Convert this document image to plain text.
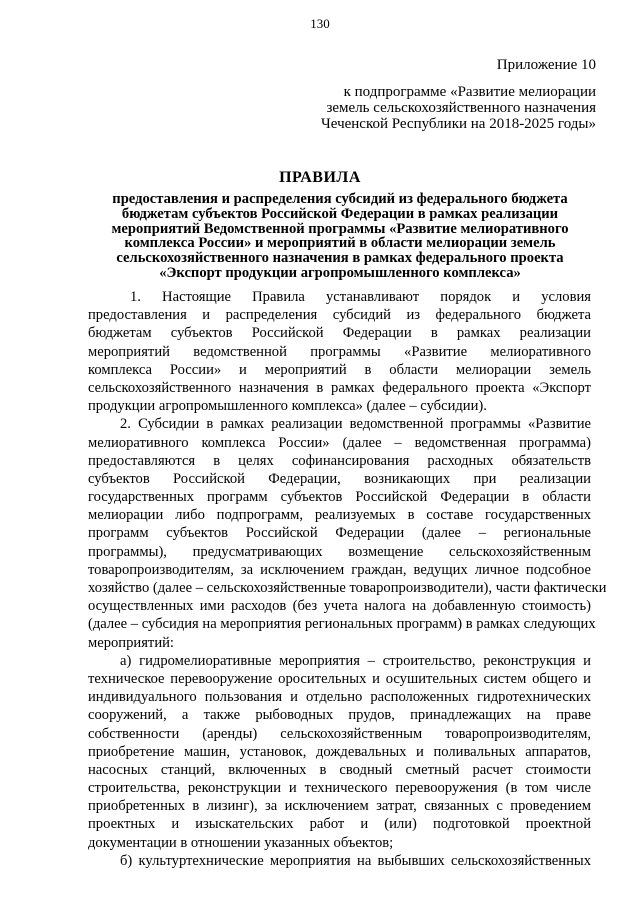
130
Приложение 10
к подпрограмме «Развитие мелиорации
земель сельскохозяйственного назначения
Чеченской Республики на 2018-2025 годы»
ПРАВИЛА
предоставления и распределения субсидий из федерального бюджета
бюджетам субъектов Российской Федерации в рамках реализации
мероприятий Ведомственной программы «Развитие мелиоративного
комплекса России» и мероприятий в области мелиорации земель
сельскохозяйственного назначения в рамках федерального проекта
«Экспорт продукции агропромышленного комплекса»
1. Настоящие Правила устанавливают порядок и условия
предоставления и распределения субсидий из федерального бюджета
бюджетам субъектов Российской Федерации в рамках реализации
мероприятий ведомственной программы «Развитие мелиоративного
комплекса России» и мероприятий в области мелиорации земель
сельскохозяйственного назначения в рамках федерального проекта «Экспорт
продукции агропромышленного комплекса» (далее – субсидии).
2. Субсидии в рамках реализации ведомственной программы «Развитие
мелиоративного комплекса России» (далее – ведомственная программа)
предоставляются в целях софинансирования расходных обязательств
субъектов Российской Федерации, возникающих при реализации
государственных программ субъектов Российской Федерации в области
мелиорации либо подпрограмм, реализуемых в составе государственных
программ субъектов Российской Федерации (далее – региональные
программы), предусматривающих возмещение сельскохозяйственным
товаропроизводителям, за исключением граждан, ведущих личное подсобное
хозяйство (далее – сельскохозяйственные товаропроизводители), части фактически
осуществленных ими расходов (без учета налога на добавленную стоимость)
(далее – субсидия на мероприятия региональных программ) в рамках следующих
мероприятий:
а) гидромелиоративные мероприятия – строительство, реконструкция и
техническое перевооружение оросительных и осушительных систем общего и
индивидуального пользования и отдельно расположенных гидротехнических
сооружений, а также рыбоводных прудов, принадлежащих на праве
собственности (аренды) сельскохозяйственным товаропроизводителям,
приобретение машин, установок, дождевальных и поливальных аппаратов,
насосных станций, включенных в сводный сметный расчет стоимости
строительства, реконструкции и технического перевооружения (в том числе
приобретенных в лизинг), за исключением затрат, связанных с проведением
проектных и изыскательских работ и (или) подготовкой проектной
документации в отношении указанных объектов;
б) культуртехнические мероприятия на выбывших сельскохозяйственных
